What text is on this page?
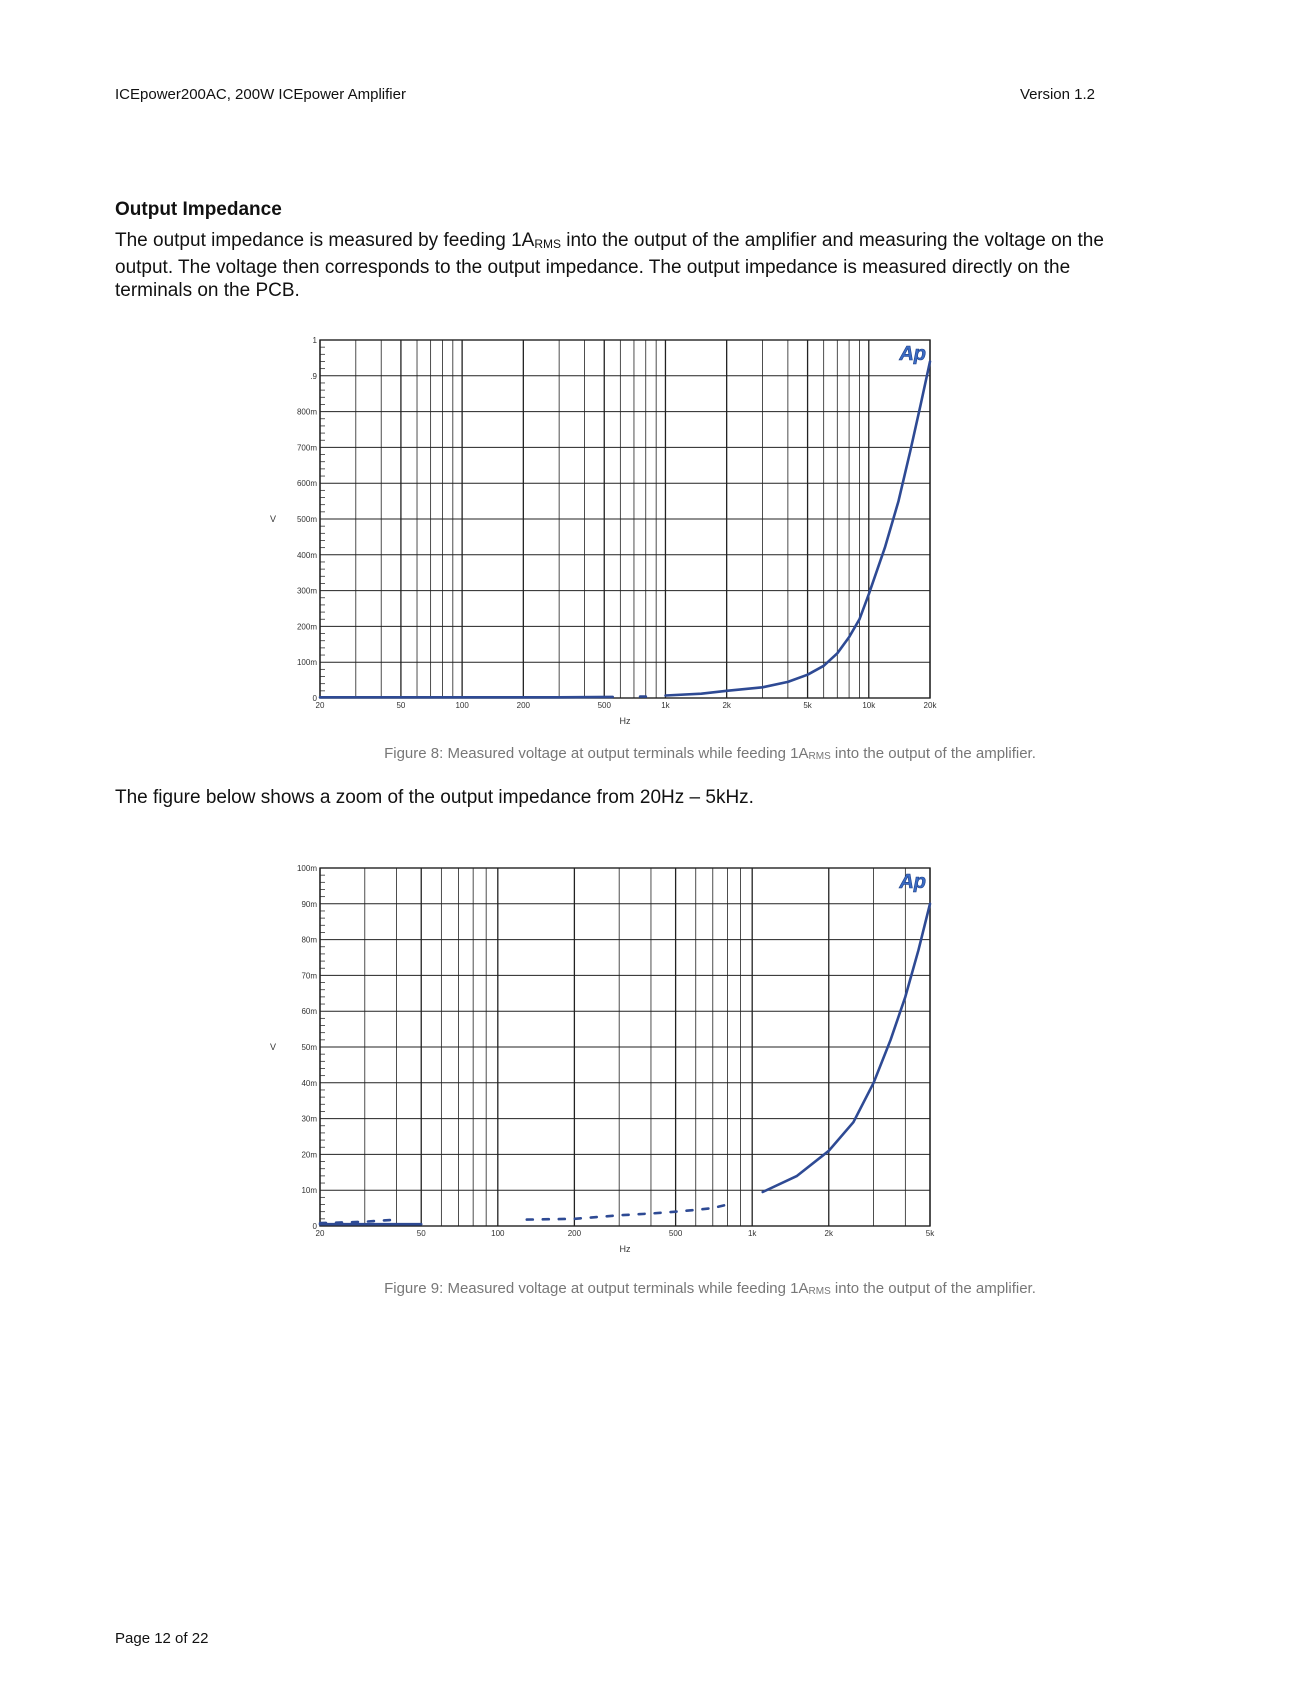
ICEpower200AC, 200W ICEpower Amplifier	Version 1.2
Output Impedance
The output impedance is measured by feeding $1A_{RMS}$ into the output of the amplifier and measuring the voltage on the output. The voltage then corresponds to the output impedance. The output impedance is measured directly on the terminals on the PCB.
0
100m
200m
300m
400m
500m
600m
700m
800m
.9
1
20	50	100	200	500	1k	2k	5k	10k	20k
Hz
V
Ap
Figure 8: Measured voltage at output terminals while feeding $1A_{RMS}$ into the output of the amplifier.
The figure below shows a zoom of the output impedance from 20Hz – 5kHz.
0
10m
20m
30m
40m
50m
60m
70m
80m
90m
100m
20	50	100	200	500	1k	2k	5k
Hz
V
Ap
Figure 9: Measured voltage at output terminals while feeding $1A_{RMS}$ into the output of the amplifier.
Page 12 of 22
